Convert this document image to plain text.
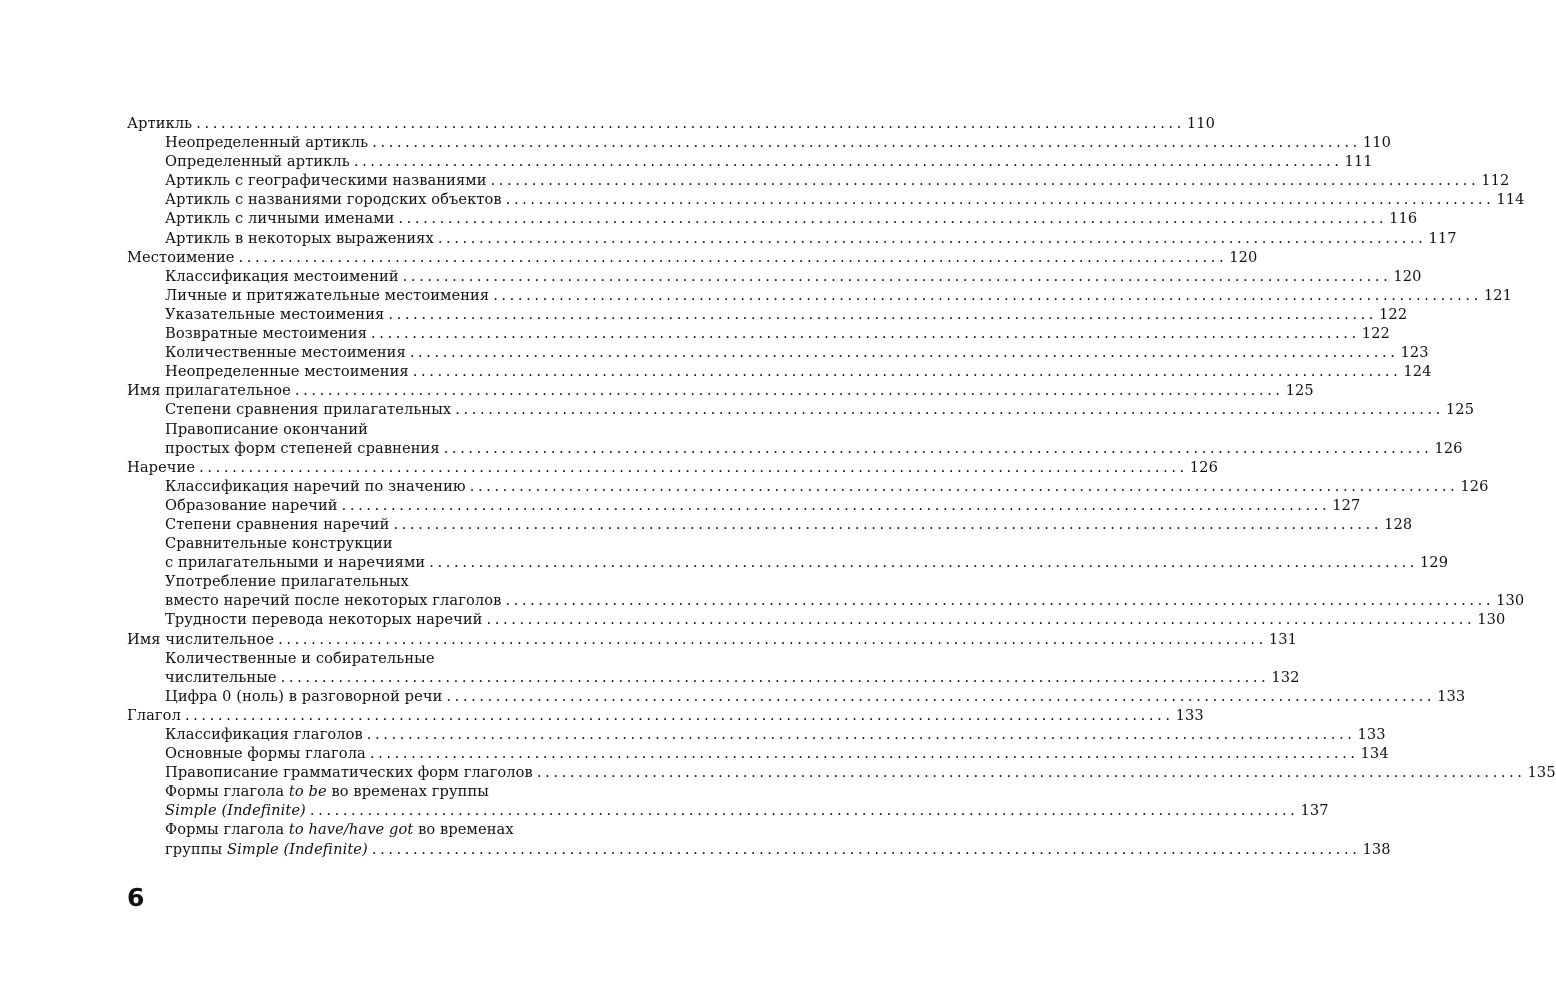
Артикль ........................................................................................................................ 110
Неопределенный артикль ........................................................................................................................ 110
Определенный артикль ........................................................................................................................ 111
Артикль с географическими названиями ........................................................................................................................ 112
Артикль с названиями городских объектов ........................................................................................................................ 114
Артикль с личными именами ........................................................................................................................ 116
Артикль в некоторых выражениях ........................................................................................................................ 117
Местоимение ........................................................................................................................ 120
Классификация местоимений ........................................................................................................................ 120
Личные и притяжательные местоимения ........................................................................................................................ 121
Указательные местоимения ........................................................................................................................ 122
Возвратные местоимения ........................................................................................................................ 122
Количественные местоимения ........................................................................................................................ 123
Неопределенные местоимения ........................................................................................................................ 124
Имя прилагательное ........................................................................................................................ 125
Степени сравнения прилагательных ........................................................................................................................ 125
Правописание окончаний
простых форм степеней сравнения ........................................................................................................................ 126
Наречие ........................................................................................................................ 126
Классификация наречий по значению ........................................................................................................................ 126
Образование наречий ........................................................................................................................ 127
Степени сравнения наречий ........................................................................................................................ 128
Сравнительные конструкции
с прилагательными и наречиями ........................................................................................................................ 129
Употребление прилагательных
вместо наречий после некоторых глаголов ........................................................................................................................ 130
Трудности перевода некоторых наречий ........................................................................................................................ 130
Имя числительное ........................................................................................................................ 131
Количественные и собирательные
числительные ........................................................................................................................ 132
Цифра 0 (ноль) в разговорной речи ........................................................................................................................ 133
Глагол ........................................................................................................................ 133
Классификация глаголов ........................................................................................................................ 133
Основные формы глагола ........................................................................................................................ 134
Правописание грамматических форм глаголов ........................................................................................................................ 135
Формы глагола to be во временах группы
Simple (Indefinite) ........................................................................................................................ 137
Формы глагола to have/have got во временах
группы Simple (Indefinite) ........................................................................................................................ 138
6
